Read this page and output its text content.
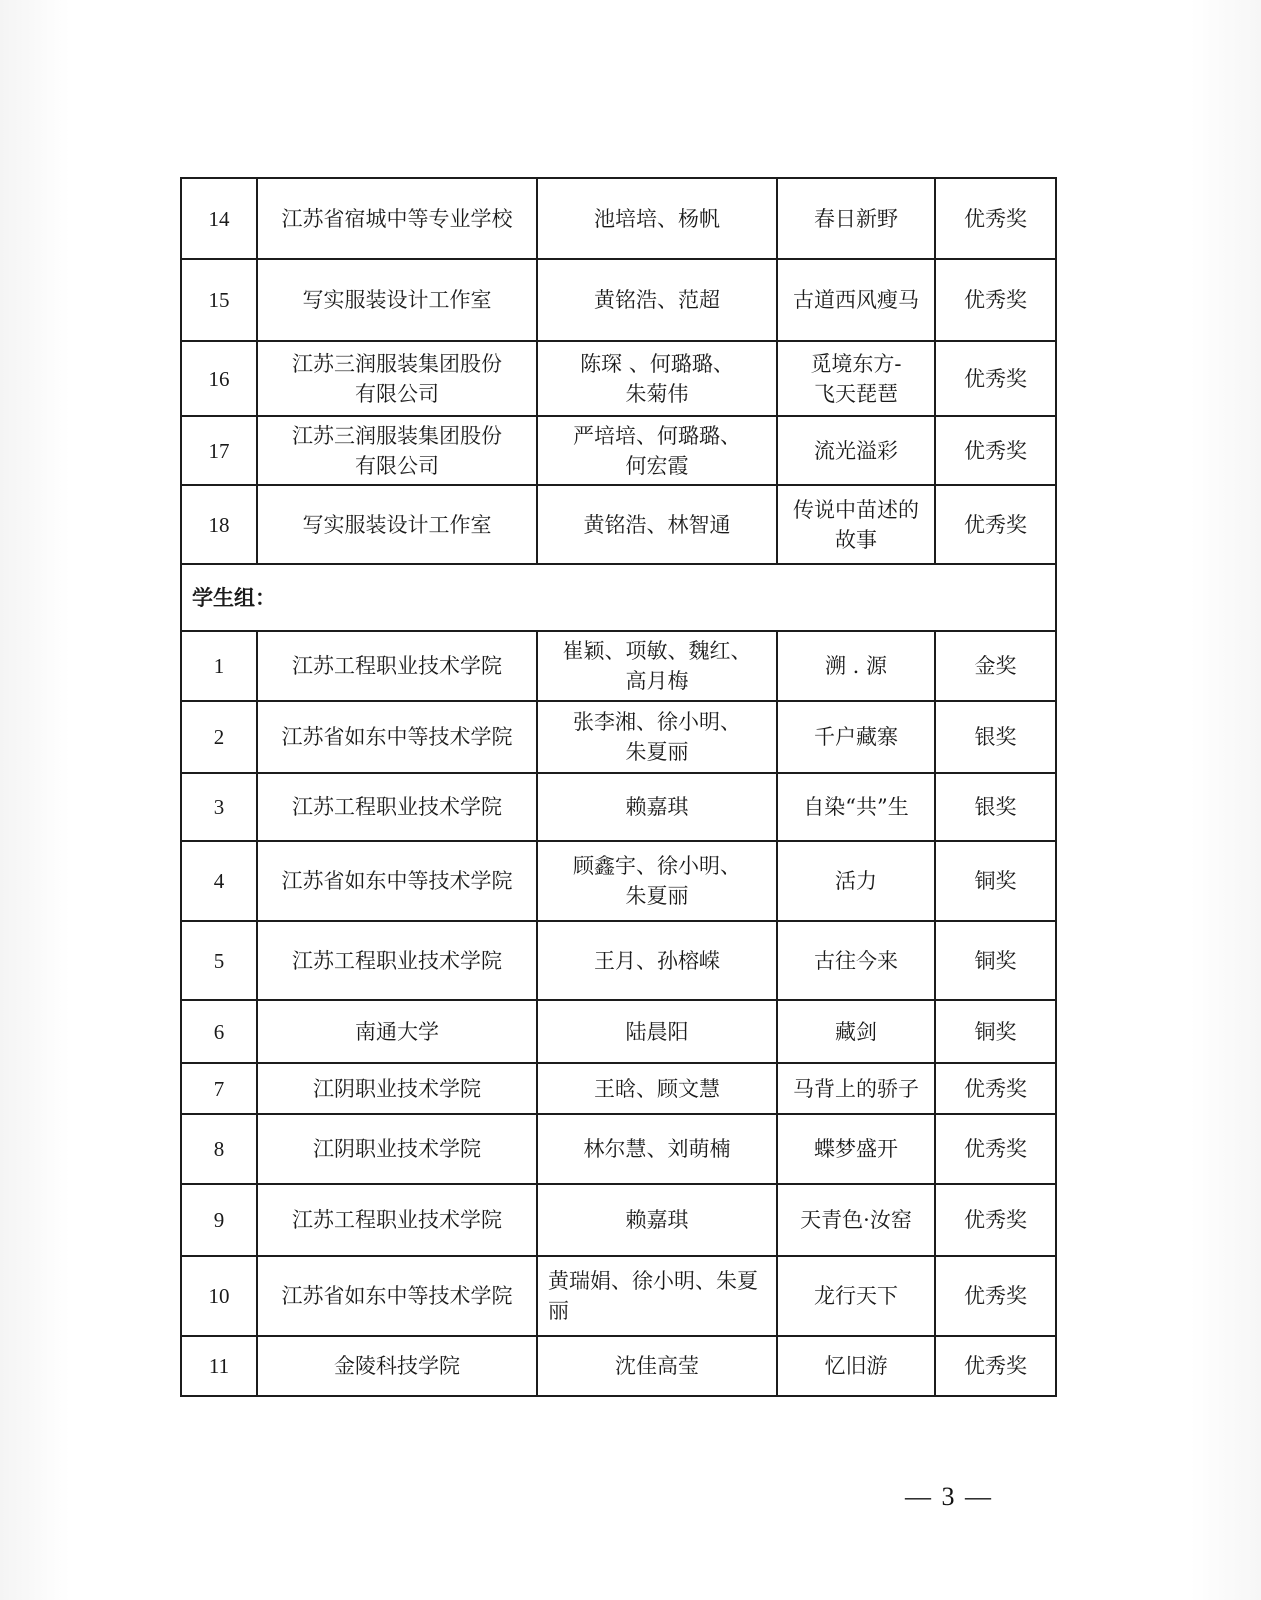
14	江苏省宿城中等专业学校	池培培、杨帆	春日新野	优秀奖
15	写实服装设计工作室	黄铭浩、范超	古道西风瘦马	优秀奖
16	江苏三润服装集团股份有限公司	陈琛 、何璐璐、朱菊伟	觅境东方-飞天琵琶	优秀奖
17	江苏三润服装集团股份有限公司	严培培、何璐璐、何宏霞	流光溢彩	优秀奖
18	写实服装设计工作室	黄铭浩、林智通	传说中苗述的故事	优秀奖
学生组：				
1	江苏工程职业技术学院	崔颖、项敏、魏红、高月梅	溯 . 源	金奖
2	江苏省如东中等技术学院	张李湘、徐小明、朱夏丽	千户藏寨	银奖
3	江苏工程职业技术学院	赖嘉琪	自染“共”生	银奖
4	江苏省如东中等技术学院	顾鑫宇、徐小明、朱夏丽	活力	铜奖
5	江苏工程职业技术学院	王月、孙榕嵘	古往今来	铜奖
6	南通大学	陆晨阳	藏剑	铜奖
7	江阴职业技术学院	王晗、顾文慧	马背上的骄子	优秀奖
8	江阴职业技术学院	林尔慧、刘萌楠	蝶梦盛开	优秀奖
9	江苏工程职业技术学院	赖嘉琪	天青色·汝窑	优秀奖
10	江苏省如东中等技术学院	黄瑞娟、徐小明、朱夏丽	龙行天下	优秀奖
11	金陵科技学院	沈佳高莹	忆旧游	优秀奖
— 3 —
